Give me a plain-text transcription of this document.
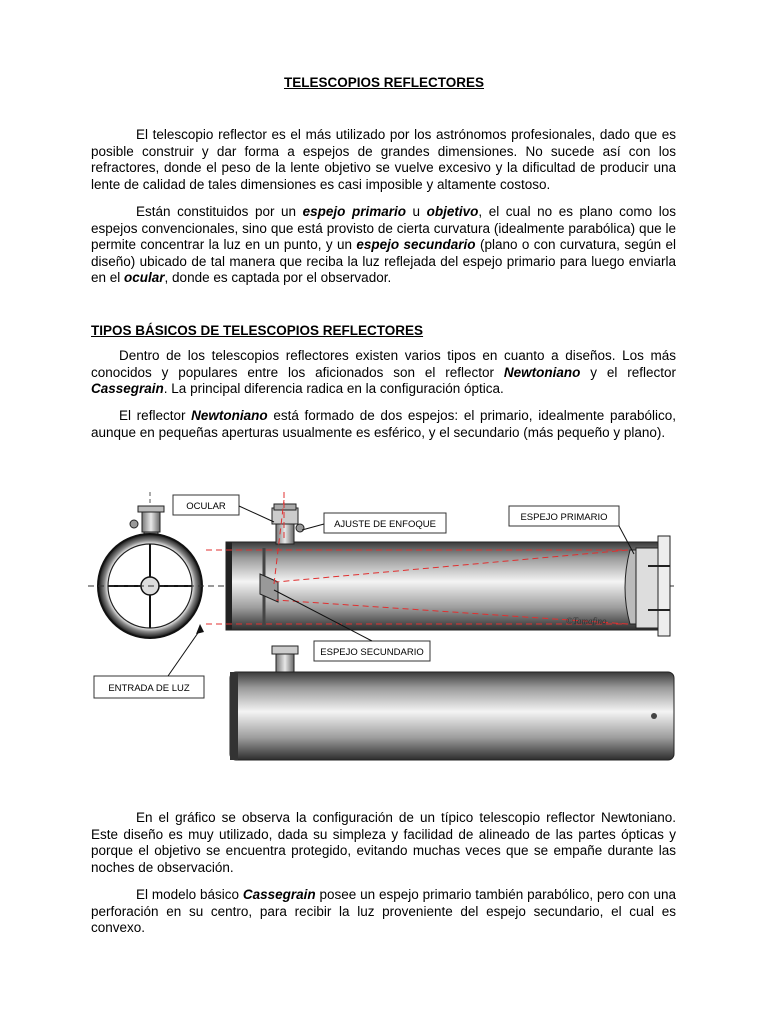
TELESCOPIOS REFLECTORES

El telescopio reflector es el más utilizado por los astrónomos profesionales, dado que es posible construir y dar forma a espejos de grandes dimensiones. No sucede así con los refractores, donde el peso de la lente objetivo se vuelve excesivo y la dificultad de producir una lente de calidad de tales dimensiones es casi imposible y altamente costoso.

Están constituidos por un espejo primario u objetivo, el cual no es plano como los espejos convencionales, sino que está provisto de cierta curvatura (idealmente parabólica) que le permite concentrar la luz en un punto, y un espejo secundario (plano o con curvatura, según el diseño) ubicado de tal manera que reciba la luz reflejada del espejo primario para luego enviarla en el ocular, donde es captada por el observador.

TIPOS BÁSICOS DE TELESCOPIOS REFLECTORES

Dentro de los telescopios reflectores existen varios tipos en cuanto a diseños. Los más conocidos y populares entre los aficionados son el reflector Newtoniano y el reflector Cassegrain. La principal diferencia radica en la configuración óptica.

El reflector Newtoniano está formado de dos espejos: el primario, idealmente parabólico, aunque en pequeñas aperturas usualmente es esférico, y el secundario (más pequeño y plano).

©Tamafino
OCULAR
AJUSTE DE ENFOQUE
ESPEJO PRIMARIO
ESPEJO SECUNDARIO
ENTRADA DE LUZ

En el gráfico se observa la configuración de un típico telescopio reflector Newtoniano. Este diseño es muy utilizado, dada su simpleza y facilidad de alineado de las partes ópticas y porque el objetivo se encuentra protegido, evitando muchas veces que se empañe durante las noches de observación.

El modelo básico Cassegrain posee un espejo primario también parabólico, pero con una perforación en su centro, para recibir la luz proveniente del espejo secundario, el cual es convexo.
